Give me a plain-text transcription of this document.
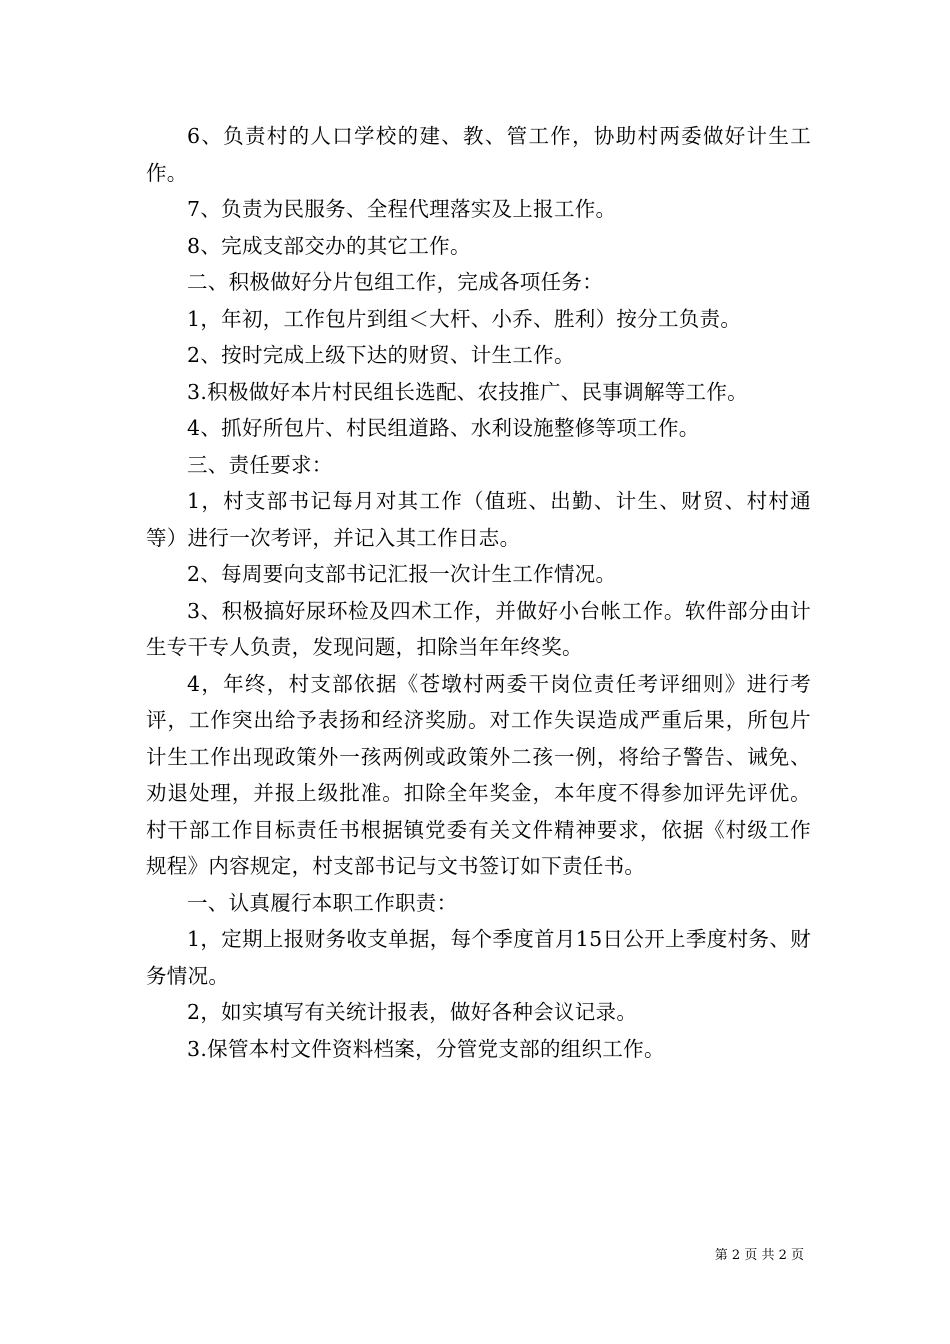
6、负责村的人口学校的建、教、管工作，协助村两委做好计生工作。

7、负责为民服务、全程代理落实及上报工作。

8、完成支部交办的其它工作。

二、积极做好分片包组工作，完成各项任务：

1，年初，工作包片到组＜大杆、小乔、胜利）按分工负责。

2、按时完成上级下达的财贸、计生工作。

3.积极做好本片村民组长选配、农技推广、民事调解等工作。

4、抓好所包片、村民组道路、水利设施整修等项工作。

三、责任要求：

1，村支部书记每月对其工作（值班、出勤、计生、财贸、村村通等）进行一次考评，并记入其工作日志。

2、每周要向支部书记汇报一次计生工作情况。

3、积极搞好尿环检及四术工作，并做好小台帐工作。软件部分由计生专干专人负责，发现问题，扣除当年年终奖。

4，年终，村支部依据《苍墩村两委干岗位责任考评细则》进行考评，工作突出给予表扬和经济奖励。对工作失误造成严重后果，所包片计生工作出现政策外一孩两例或政策外二孩一例，将给子警告、诫免、劝退处理，并报上级批准。扣除全年奖金，本年度不得参加评先评优。村干部工作目标责任书根据镇党委有关文件精神要求，依据《村级工作规程》内容规定，村支部书记与文书签订如下责任书。

一、认真履行本职工作职责：

1，定期上报财务收支单据，每个季度首月15日公开上季度村务、财务情况。

2，如实填写有关统计报表，做好各种会议记录。

3.保管本村文件资料档案，分管党支部的组织工作。

第 2 页 共 2 页
